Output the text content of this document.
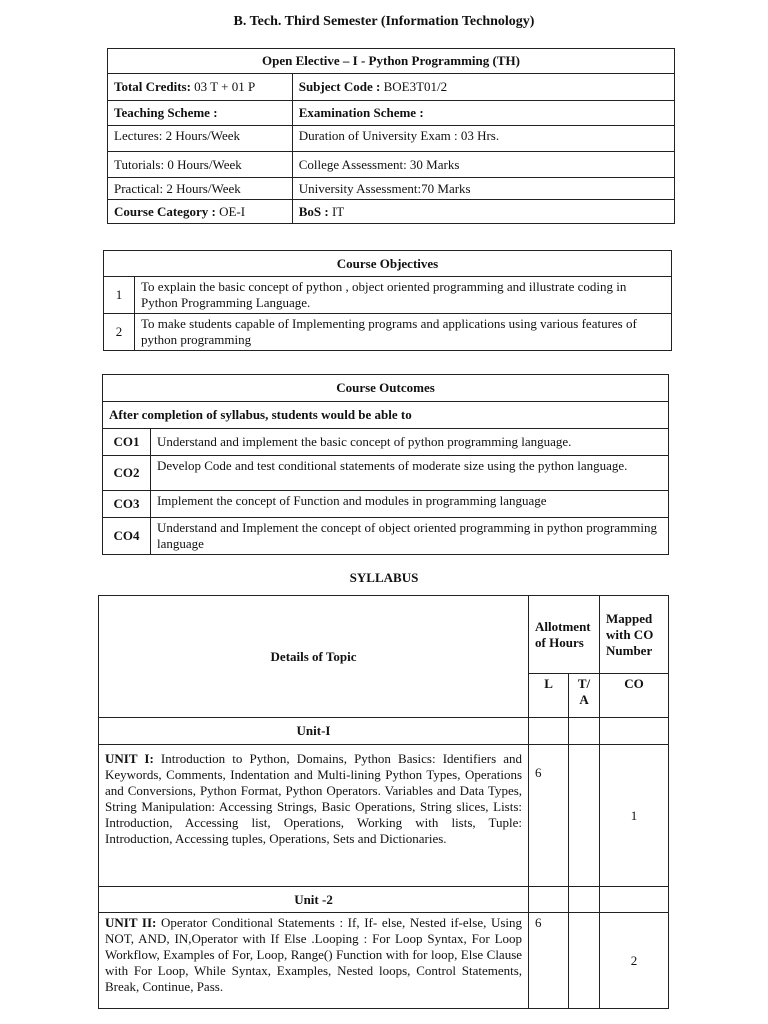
B. Tech. Third Semester (Information Technology)
Open Elective – I - Python Programming (TH)	
Total Credits: 03 T + 01 P	Subject Code : BOE3T01/2
Teaching Scheme :	Examination Scheme :
Lectures: 2 Hours/Week	Duration of University Exam : 03 Hrs.
Tutorials: 0 Hours/Week	College Assessment: 30 Marks
Practical: 2 Hours/Week	University Assessment:70 Marks
Course Category : OE-I	BoS : IT
Course Objectives	
1	To explain the basic concept of python , object oriented programming and illustrate coding in Python Programming Language.
2	To make students capable of Implementing programs and applications using various features of python programming
Course Outcomes	
After completion of syllabus, students would be able to	
CO1	Understand and implement the basic concept of python programming language.
CO2	Develop Code and test conditional statements of moderate size using the python language.
CO3	Implement the concept of Function and modules in programming language
CO4	Understand and Implement the concept of object oriented programming in python programming language
SYLLABUS
Details of Topic	Allotment of Hours		Mapped with CO Number
	L	T/ A	CO
Unit-I			
UNIT I: Introduction to Python, Domains, Python Basics: Identifiers and Keywords, Comments, Indentation and Multi-lining Python Types, Operations and Conversions, Python Format, Python Operators. Variables and Data Types, String Manipulation: Accessing Strings, Basic Operations, String slices, Lists: Introduction, Accessing list, Operations, Working with lists, Tuple: Introduction, Accessing tuples, Operations, Sets and Dictionaries.	6		1
Unit -2			
UNIT II: Operator Conditional Statements : If, If- else, Nested if-else, Using NOT, AND, IN,Operator with If Else .Looping : For Loop Syntax, For Loop Workflow, Examples of For, Loop, Range() Function with for loop, Else Clause with For Loop, While Syntax, Examples, Nested loops, Control Statements, Break, Continue, Pass.	6		2
